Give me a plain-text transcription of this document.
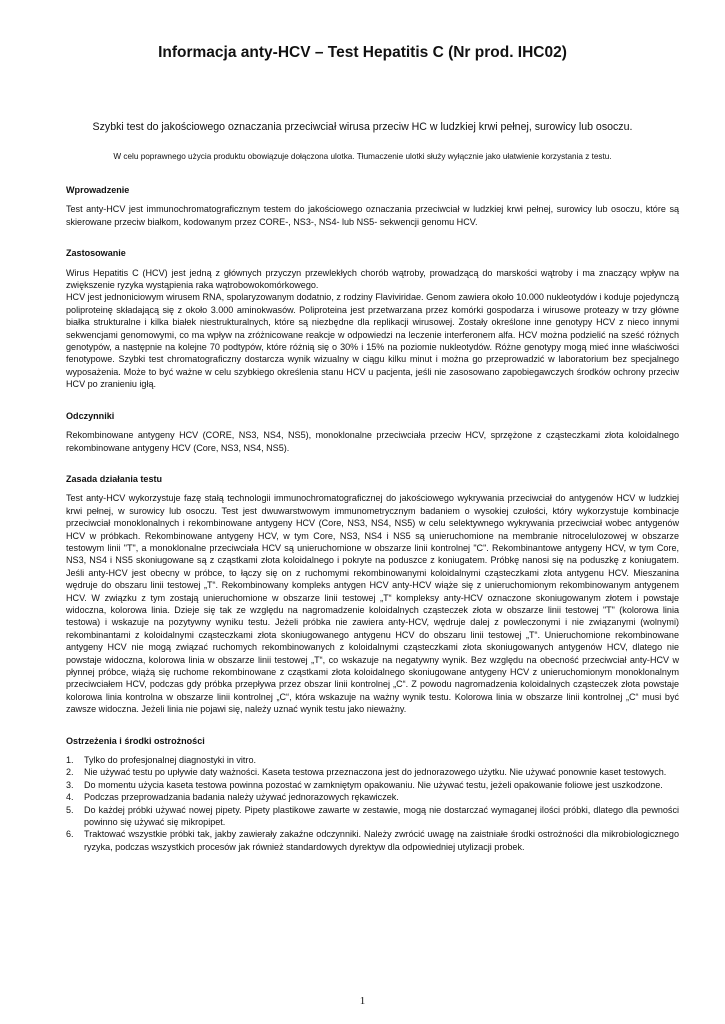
Informacja anty-HCV – Test Hepatitis C (Nr prod. IHC02)
Szybki test do jakościowego oznaczania przeciwciał wirusa przeciw HC w ludzkiej krwi pełnej, surowicy lub osoczu.
W celu poprawnego użycia produktu obowiązuje dołączona ulotka. Tłumaczenie ulotki służy wyłącznie jako ułatwienie korzystania z testu.
Wprowadzenie

Test anty-HCV jest immunochromatograficznym testem do jakościowego oznaczania przeciwciał w ludzkiej krwi pełnej, surowicy lub osoczu, które są skierowane przeciw białkom, kodowanym przez CORE-, NS3-, NS4- lub NS5- sekwencji genomu HCV.

Zastosowanie

Wirus Hepatitis C (HCV) jest jedną z głównych przyczyn przewlekłych chorób wątroby, prowadzącą do marskości wątroby i ma znaczący wpływ na zwiększenie ryzyka wystąpienia raka wątrobowokomórkowego.

HCV jest jednoniciowym wirusem RNA, spolaryzowanym dodatnio, z rodziny Flaviviridae. Genom zawiera około 10.000 nukleotydów i koduje pojedynczą poliproteinę składającą się z około 3.000 aminokwasów. Poliproteina jest przetwarzana przez komórki gospodarza i wirusowe proteazy w trzy główne białka strukturalne i kilka białek niestrukturalnych, które są niezbędne dla replikacji wirusowej. Zostały określone inne genotypy HCV z nieco innymi sekwencjami genomowymi, co ma wpływ na zróżnicowane reakcje w odpowiedzi na leczenie interferonem alfa. HCV można podzielić na sześć różnych genotypów, a następnie na kolejne 70 podtypów, które różnią się o 30% i 15% na poziomie nukleotydów. Różne genotypy mogą mieć inne właściwości fenotypowe. Szybki test chromatograficzny dostarcza wynik wizualny w ciągu kilku minut i można go przeprowadzić w laboratorium bez specjalnego wyposażenia. Może to być ważne w celu szybkiego określenia stanu HCV u pacjenta, jeśli nie zasosowano zapobiegawczych środków ochrony przeciw HCV po zranieniu igłą.

Odczynniki

Rekombinowane antygeny HCV (CORE, NS3, NS4, NS5), monoklonalne przeciwciała przeciw HCV, sprzężone z cząsteczkami złota koloidalnego rekombinowane antygeny HCV (Core, NS3, NS4, NS5).

Zasada działania testu

Test anty-HCV wykorzystuje fazę stałą technologii immunochromatograficznej do jakościowego wykrywania przeciwciał do antygenów HCV w ludzkiej krwi pełnej, w surowicy lub osoczu. Test jest dwuwarstwowym immunometrycznym badaniem o wysokiej czułości, który wykorzystuje kombinacje przeciwciał monoklonalnych i rekombinowane antygeny HCV (Core, NS3, NS4, NS5) w celu selektywnego wykrywania przeciwciał wobec antygenów HCV w próbkach. Rekombinowane antygeny HCV, w tym Core, NS3, NS4 i NS5 są unieruchomione na membranie nitrocelulozowej w obszarze testowym linii "T", a monoklonalne przeciwciała HCV są unieruchomione w obszarze linii kontrolnej "C". Rekombinantowe antygeny HCV, w tym Core, NS3, NS4 i NS5 skoniugowane są z cząstkami złota koloidalnego i pokryte na poduszce z koniugatem. Próbkę nanosi się na poduszkę z koniugatem. Jeśli anty-HCV jest obecny w próbce, to łączy się on z ruchomymi rekombinowanymi koloidalnymi cząsteczkami złota antygenu HCV. Mieszanina wędruje do obszaru linii testowej „T“. Rekombinowany kompleks antygen HCV anty-HCV wiąże się z unieruchomionym rekombinowanym antygenem HCV. W związku z tym zostają unieruchomione w obszarze linii testowej „T“ kompleksy anty-HCV oznaczone skoniugowanym złotem i powstaje widoczna, kolorowa linia. Dzieje się tak ze względu na nagromadzenie koloidalnych cząsteczek złota w obszarze linii testowej "T" (kolorowa linia testowa) i wskazuje na pozytywny wyniku testu. Jeżeli próbka nie zawiera anty-HCV, wędruje dalej z powleczonymi i nie związanymi (wolnymi) rekombinantami z koloidalnymi cząsteczkami złota skoniugowanego antygenu HCV do obszaru linii testowej „T“. Unieruchomione rekombinowane antygeny HCV nie mogą związać ruchomych rekombinowanych z koloidalnymi cząsteczkami złota skoniugowanych antygenów HCV, dlatego nie powstaje widoczna, kolorowa linia w obszarze linii testowej „T“, co wskazuje na negatywny wynik. Bez względu na obecność przeciwciał anty-HCV w płynnej próbce, wiążą się ruchome rekombinowane z cząstkami złota koloidalnego skoniugowane antygeny HCV z unieruchomionym monoklonalnym przeciwciałem HCV, podczas gdy próbka przepływa przez obszar linii kontrolnej „C“. Z powodu nagromadzenia koloidalnych cząsteczek złota powstaje kolorowa linia kontrolna w obszarze linii kontrolnej „C“, która wskazuje na ważny wynik testu. Kolorowa linia w obszarze linii kontrolnej „C“ musi być zawsze widoczna. Jeżeli linia nie pojawi się, należy uznać wynik testu jako nieważny.

Ostrzeżenia i środki ostrożności
1. Tylko do profesjonalnej diagnostyki in vitro.
2. Nie używać testu po upływie daty ważności. Kaseta testowa przeznaczona jest do jednorazowego użytku. Nie używać ponownie kaset testowych.
3. Do momentu użycia kaseta testowa powinna pozostać w zamkniętym opakowaniu. Nie używać testu, jeżeli opakowanie foliowe jest uszkodzone.
4. Podczas przeprowadzania badania należy używać jednorazowych rękawiczek.
5. Do każdej próbki używać nowej pipety. Pipety plastikowe zawarte w zestawie, mogą nie dostarczać wymaganej ilości próbki, dlatego dla pewności powinno się używać się mikropipet.
6. Traktować wszystkie próbki tak, jakby zawierały zakaźne odczynniki. Należy zwrócić uwagę na zaistniałe środki ostrożności dla mikrobiologicznego ryzyka, podczas wszystkich procesów jak również standardowych dyrektyw dla odpowiedniej utylizacji probek.
1
